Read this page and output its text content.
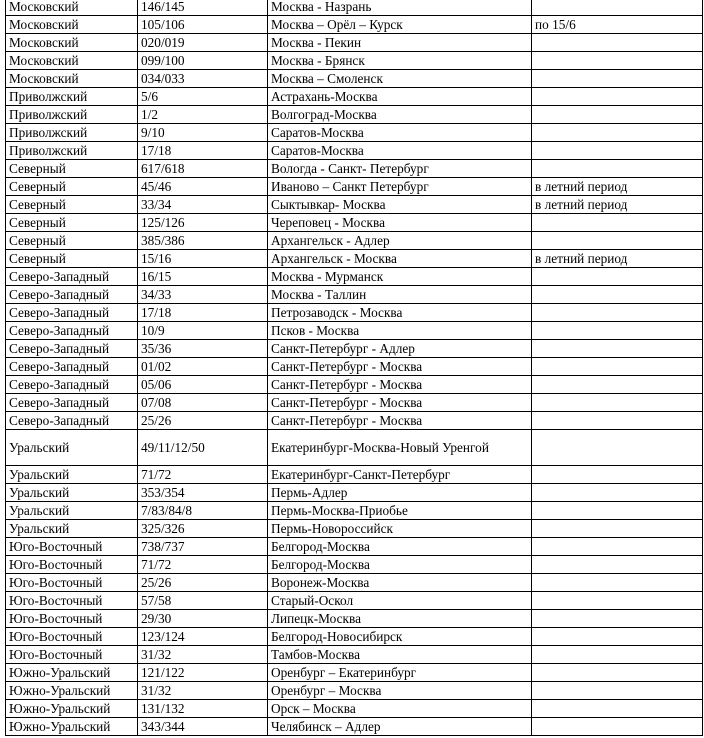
Московский	146/145	Москва - Назрань	
Московский	105/106	Москва – Орёл – Курск	по 15/6
Московский	020/019	Москва - Пекин	
Московский	099/100	Москва - Брянск	
Московский	034/033	Москва – Смоленск	
Приволжский	5/6	Астрахань-Москва	
Приволжский	1/2	Волгоград-Москва	
Приволжский	9/10	Саратов-Москва	
Приволжский	17/18	Саратов-Москва	
Северный	617/618	Вологда - Санкт- Петербург	
Северный	45/46	Иваново – Санкт Петербург	в летний период
Северный	33/34	Сыктывкар- Москва	в летний период
Северный	125/126	Череповец - Москва	
Северный	385/386	Архангельск - Адлер	
Северный	15/16	Архангельск - Москва	в летний период
Северо-Западный	16/15	Москва - Мурманск	
Северо-Западный	34/33	Москва - Таллин	
Северо-Западный	17/18	Петрозаводск - Москва	
Северо-Западный	10/9	Псков - Москва	
Северо-Западный	35/36	Санкт-Петербург - Адлер	
Северо-Западный	01/02	Санкт-Петербург - Москва	
Северо-Западный	05/06	Санкт-Петербург - Москва	
Северо-Западный	07/08	Санкт-Петербург - Москва	
Северо-Западный	25/26	Санкт-Петербург - Москва	
Уральский	49/11/12/50	Екатеринбург-Москва-Новый Уренгой	
Уральский	71/72	Екатеринбург-Санкт-Петербург	
Уральский	353/354	Пермь-Адлер	
Уральский	7/83/84/8	Пермь-Москва-Приобье	
Уральский	325/326	Пермь-Новороссийск	
Юго-Восточный	738/737	Белгород-Москва	
Юго-Восточный	71/72	Белгород-Москва	
Юго-Восточный	25/26	Воронеж-Москва	
Юго-Восточный	57/58	Старый-Оскол	
Юго-Восточный	29/30	Липецк-Москва	
Юго-Восточный	123/124	Белгород-Новосибирск	
Юго-Восточный	31/32	Тамбов-Москва	
Южно-Уральский	121/122	Оренбург – Екатеринбург	
Южно-Уральский	31/32	Оренбург – Москва	
Южно-Уральский	131/132	Орск – Москва	
Южно-Уральский	343/344	Челябинск – Адлер	
